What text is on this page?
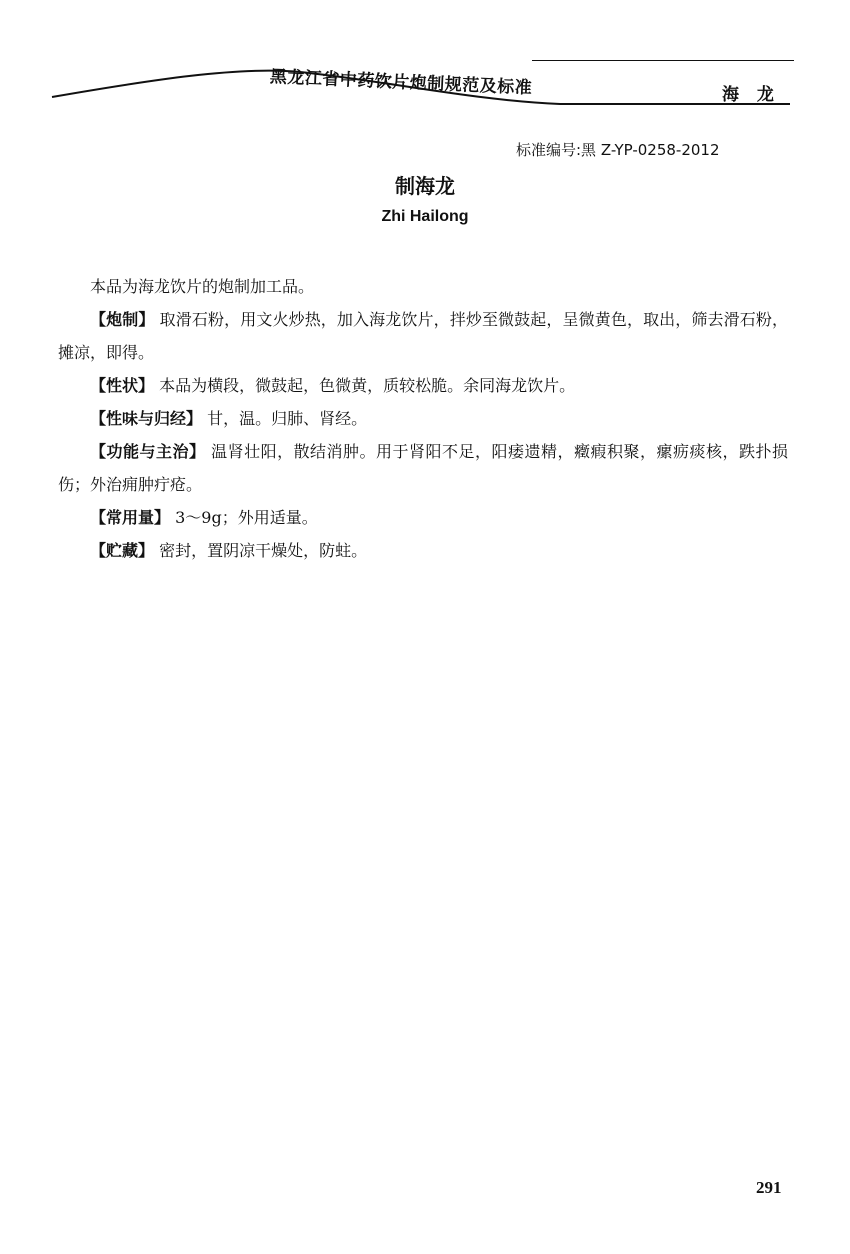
黑龙江省中药饮片炮制规范及标准	海 龙
标准编号:黑 Z-YP-0258-2012
制海龙
Zhi Hailong

本品为海龙饮片的炮制加工品。

【炮制】 取滑石粉，用文火炒热，加入海龙饮片，拌炒至微鼓起，呈微黄色，取出，筛去滑石粉，摊凉，即得。

【性状】 本品为横段，微鼓起，色微黄，质较松脆。余同海龙饮片。

【性味与归经】 甘，温。归肺、肾经。

【功能与主治】 温肾壮阳，散结消肿。用于肾阳不足，阳痿遗精，癥瘕积聚，瘰疬痰核，跌扑损伤；外治痈肿疔疮。

【常用量】 3～9g；外用适量。

【贮藏】 密封，置阴凉干燥处，防蛀。

291
